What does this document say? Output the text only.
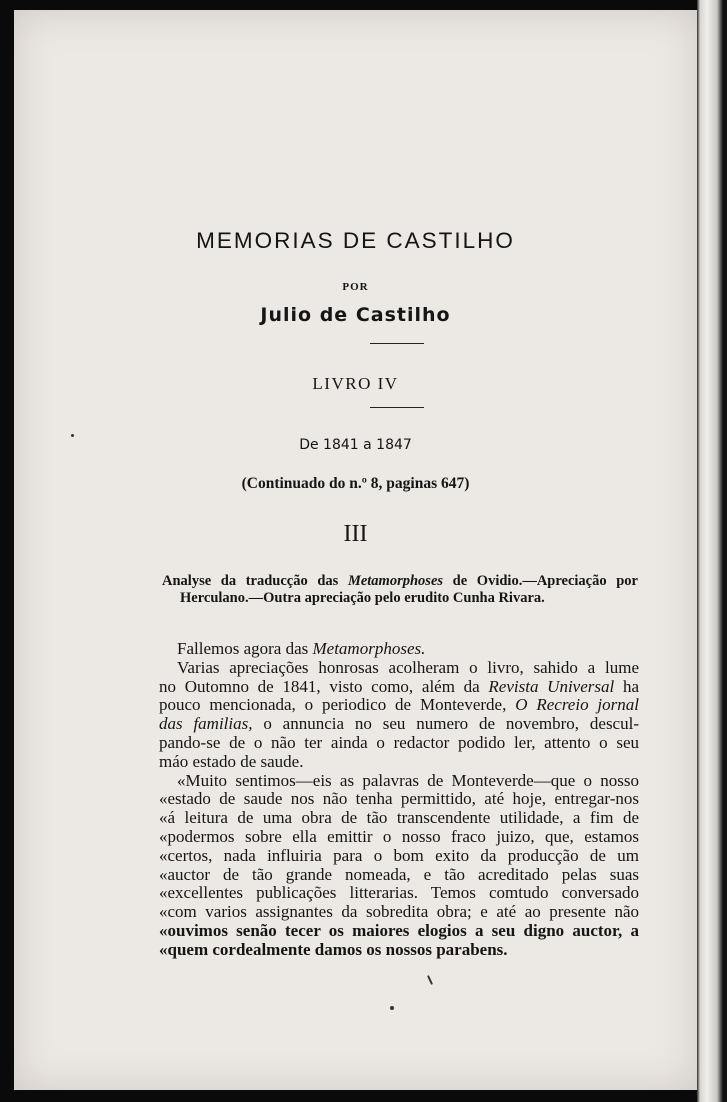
MEMORIAS DE CASTILHO
POR
Julio de Castilho
LIVRO IV
De 1841 a 1847
(Continuado do n.º 8, paginas 647)
III

Analyse da traducção das Metamorphoses de Ovidio.—Apreciação por

Herculano.—Outra apreciação pelo erudito Cunha Rivara.

Fallemos agora das Metamorphoses.
Varias apreciações honrosas acolheram o livro, sahido a lume
no Outomno de 1841, visto como, além da Revista Universal ha
pouco mencionada, o periodico de Monteverde, O Recreio jornal
das familias, o annuncia no seu numero de novembro, descul-
pando-se de o não ter ainda o redactor podido ler, attento o seu
máo estado de saude.
«Muito sentimos—eis as palavras de Monteverde—que o nosso
«estado de saude nos não tenha permittido, até hoje, entregar-nos
«á leitura de uma obra de tão transcendente utilidade, a fim de
«podermos sobre ella emittir o nosso fraco juizo, que, estamos
«certos, nada influiria para o bom exito da producção de um
«auctor de tão grande nomeada, e tão acreditado pelas suas
«excellentes publicações litterarias. Temos comtudo conversado
«com varios assignantes da sobredita obra; e até ao presente não
«ouvimos senão tecer os maiores elogios a seu digno auctor, a
«quem cordealmente damos os nossos parabens.
